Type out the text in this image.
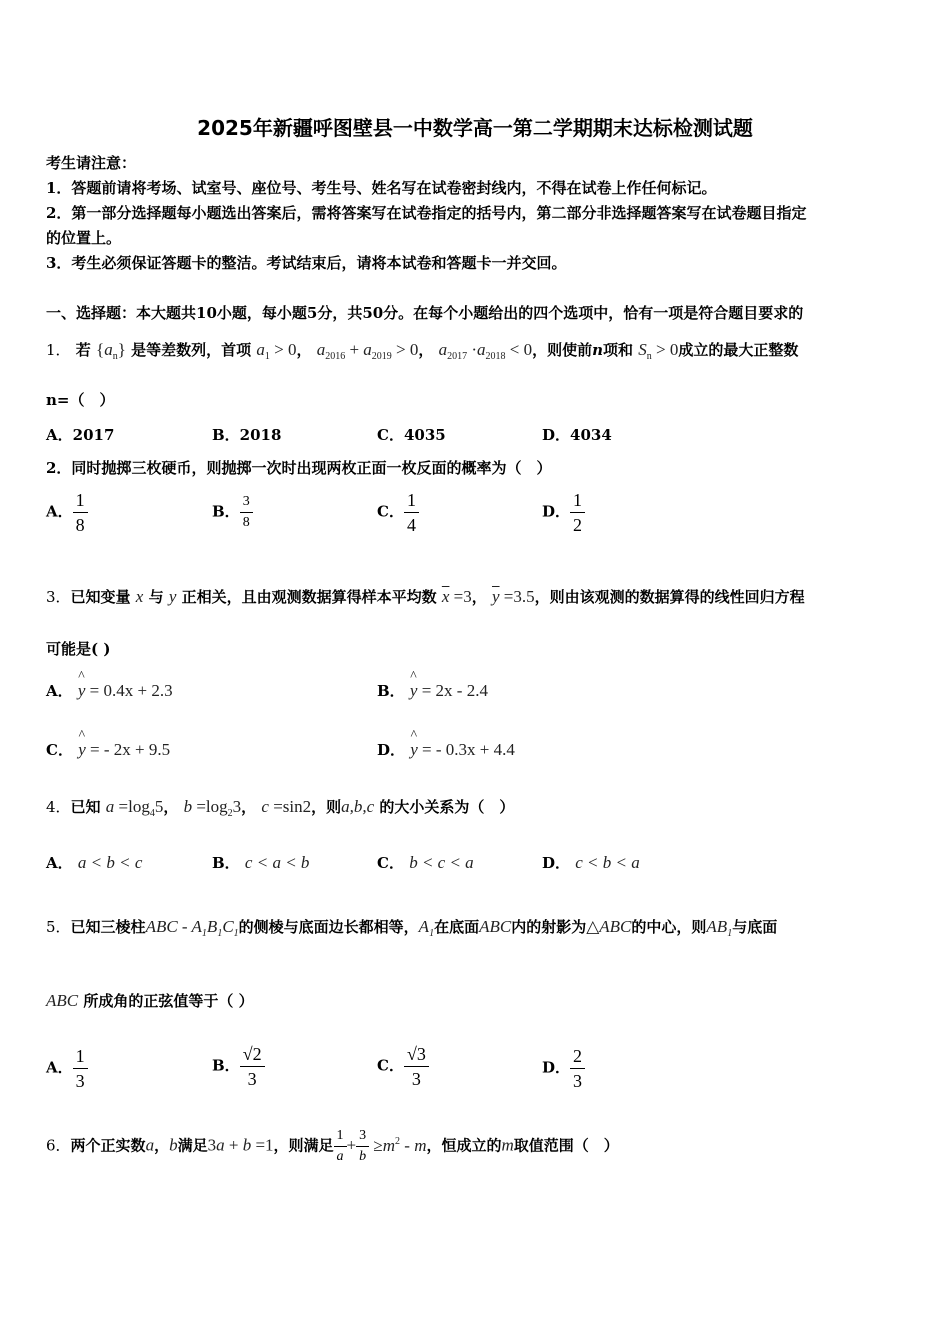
2025年新疆呼图壁县一中数学高一第二学期期末达标检测试题
考生请注意：
1．答题前请将考场、试室号、座位号、考生号、姓名写在试卷密封线内，不得在试卷上作任何标记。
2．第一部分选择题每小题选出答案后，需将答案写在试卷指定的括号内，第二部分非选择题答案写在试卷题目指定
的位置上。
3．考生必须保证答题卡的整洁。考试结束后，请将本试卷和答题卡一并交回。
一、选择题：本大题共10小题，每小题5分，共50分。在每个小题给出的四个选项中，恰有一项是符合题目要求的
1． 若 $\{a_n\}$ 是等差数列，首项 $a_1 > 0$， $a_{2016} + a_{2019} > 0$， $a_{2017} \cdot a_{2018} < 0$，则使前n项和 $S_n > 0$成立的最大正整数
n=（　）
A．2017	B．2018	C．4035	D．4034
2．同时抛掷三枚硬币，则抛掷一次时出现两枚正面一枚反面的概率为（　）
A． $\frac{1}{8}$	B． $\frac{3}{8}$	C． $\frac{1}{4}$	D． $\frac{1}{2}$
3．已知变量 x 与 y 正相关，且由观测数据算得样本平均数 $\overline{x} =3$， $\overline{y} =3.5$，则由该观测的数据算得的线性回归方程
可能是( )
A． ^ y = 0.4x + 2.3	B． ^ y = 2x - 2.4
C． ^ y = - 2x + 9.5	D． ^ y = - 0.3x + 4.4
4．已知 $a =\log_45$， $b =\log_23$， c =sin2，则a,b,c 的大小关系为（　）
A． a < b < c	B． c < a < b	C． b < c < a	D． c < b < a
5．已知三棱柱ABC - $A_1B_1C_1$的侧棱与底面边长都相等，$A_1$在底面ABC内的射影为△ABC的中心，则$AB_1$与底面
ABC 所成角的正弦值等于（ ）
A． $\frac{1}{3}$	B． $\frac{√2}{3}$	C． $\frac{√3}{3}$	D． $\frac{2}{3}$
6．两个正实数a，b满足3a + b =1，则满足 $\frac{1}{a} + \frac{3}{b} \ge m^2 - m$，恒成立的m取值范围（　）
